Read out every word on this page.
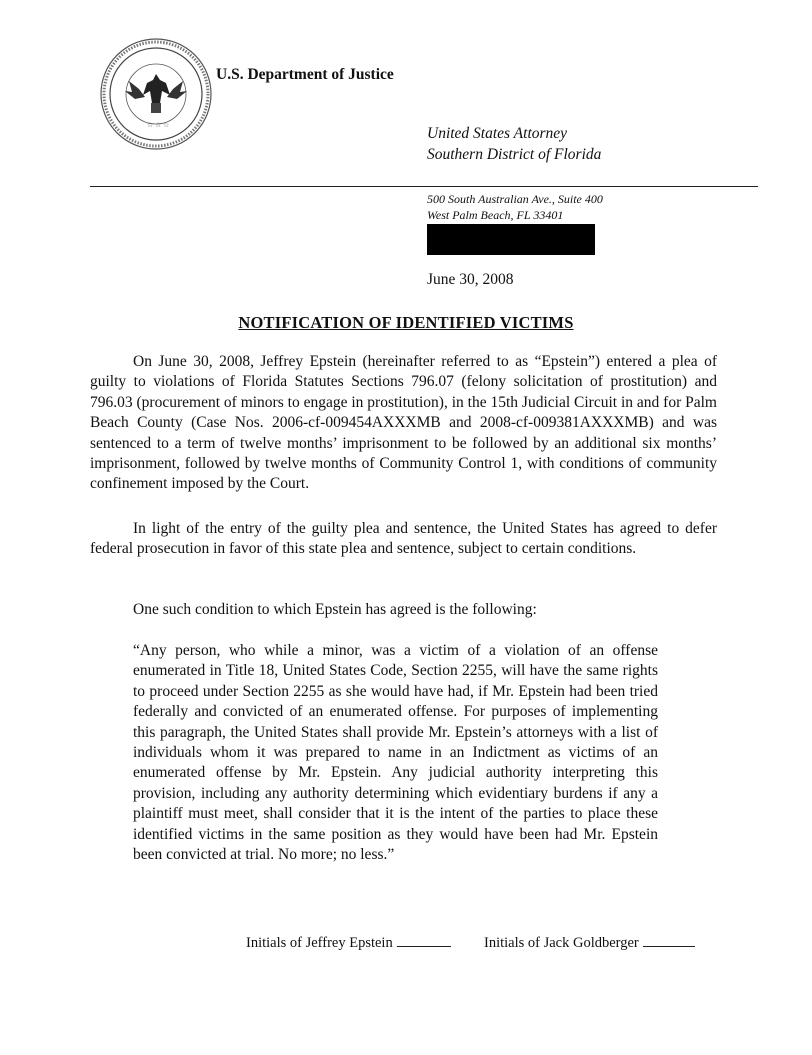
☆ ☆ ☆
U.S. Department of Justice
United States Attorney
Southern District of Florida
500 South Australian Ave., Suite 400
West Palm Beach, FL 33401
June 30, 2008
NOTIFICATION OF IDENTIFIED VICTIMS

On June 30, 2008, Jeffrey Epstein (hereinafter referred to as “Epstein”) entered a plea of guilty to violations of Florida Statutes Sections 796.07 (felony solicitation of prostitution) and 796.03 (procurement of minors to engage in prostitution), in the 15th Judicial Circuit in and for Palm Beach County (Case Nos. 2006-cf-009454AXXXMB and 2008-cf-009381AXXXMB) and was sentenced to a term of twelve months’ imprisonment to be followed by an additional six months’ imprisonment, followed by twelve months of Community Control 1, with conditions of community confinement imposed by the Court.

In light of the entry of the guilty plea and sentence, the United States has agreed to defer federal prosecution in favor of this state plea and sentence, subject to certain conditions.

One such condition to which Epstein has agreed is the following:

“Any person, who while a minor, was a victim of a violation of an offense enumerated in Title 18, United States Code, Section 2255, will have the same rights to proceed under Section 2255 as she would have had, if Mr. Epstein had been tried federally and convicted of an enumerated offense. For purposes of implementing this paragraph, the United States shall provide Mr. Epstein’s attorneys with a list of individuals whom it was prepared to name in an Indictment as victims of an enumerated offense by Mr. Epstein. Any judicial authority interpreting this provision, including any authority determining which evidentiary burdens if any a plaintiff must meet, shall consider that it is the intent of the parties to place these identified victims in the same position as they would have been had Mr. Epstein been convicted at trial. No more; no less.”

Initials of Jeffrey Epstein	Initials of Jack Goldberger
